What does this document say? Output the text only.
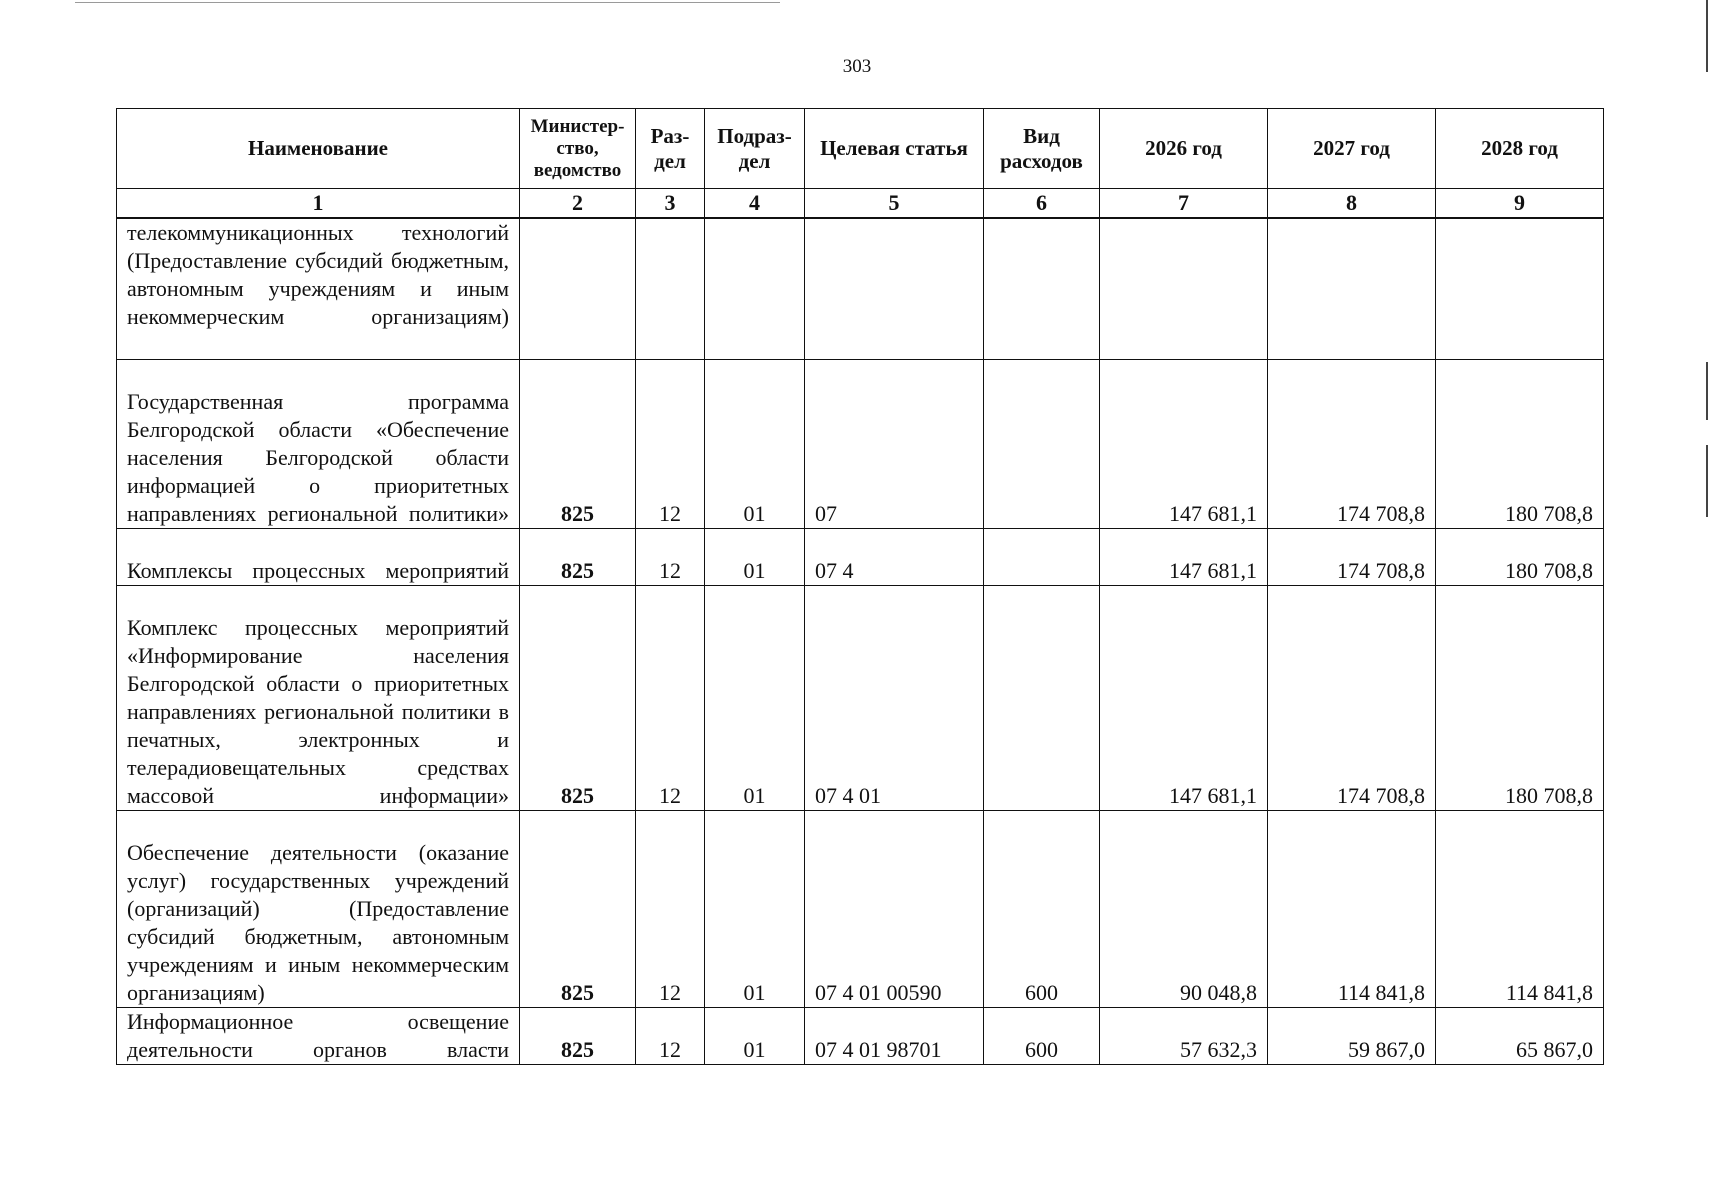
303
Наименование	Министер-ство, ведомство	Раз-дел	Подраз-дел	Целевая статья	Вид расходов	2026 год	2027 год	2028 год
1	2	3	4	5	6	7	8	9
телекоммуникационных технологий (Предоставление субсидий бюджетным, автономным учреждениям и иным некоммерческим организациям)								
Государственная программа Белгородской области «Обеспечение населения Белгородской области информацией о приоритетных направлениях региональной политики»	825	12	01	07		147 681,1	174 708,8	180 708,8
Комплексы процессных мероприятий	825	12	01	07 4		147 681,1	174 708,8	180 708,8
Комплекс процессных мероприятий «Информирование населения Белгородской области о приоритетных направлениях региональной политики в печатных, электронных и телерадиовещательных средствах массовой информации»	825	12	01	07 4 01		147 681,1	174 708,8	180 708,8
Обеспечение деятельности (оказание услуг) государственных учреждений (организаций) (Предоставление субсидий бюджетным, автономным учреждениям и иным некоммерческим организациям)	825	12	01	07 4 01 00590	600	90 048,8	114 841,8	114 841,8
Информационное освещение деятельности органов власти	825	12	01	07 4 01 98701	600	57 632,3	59 867,0	65 867,0
